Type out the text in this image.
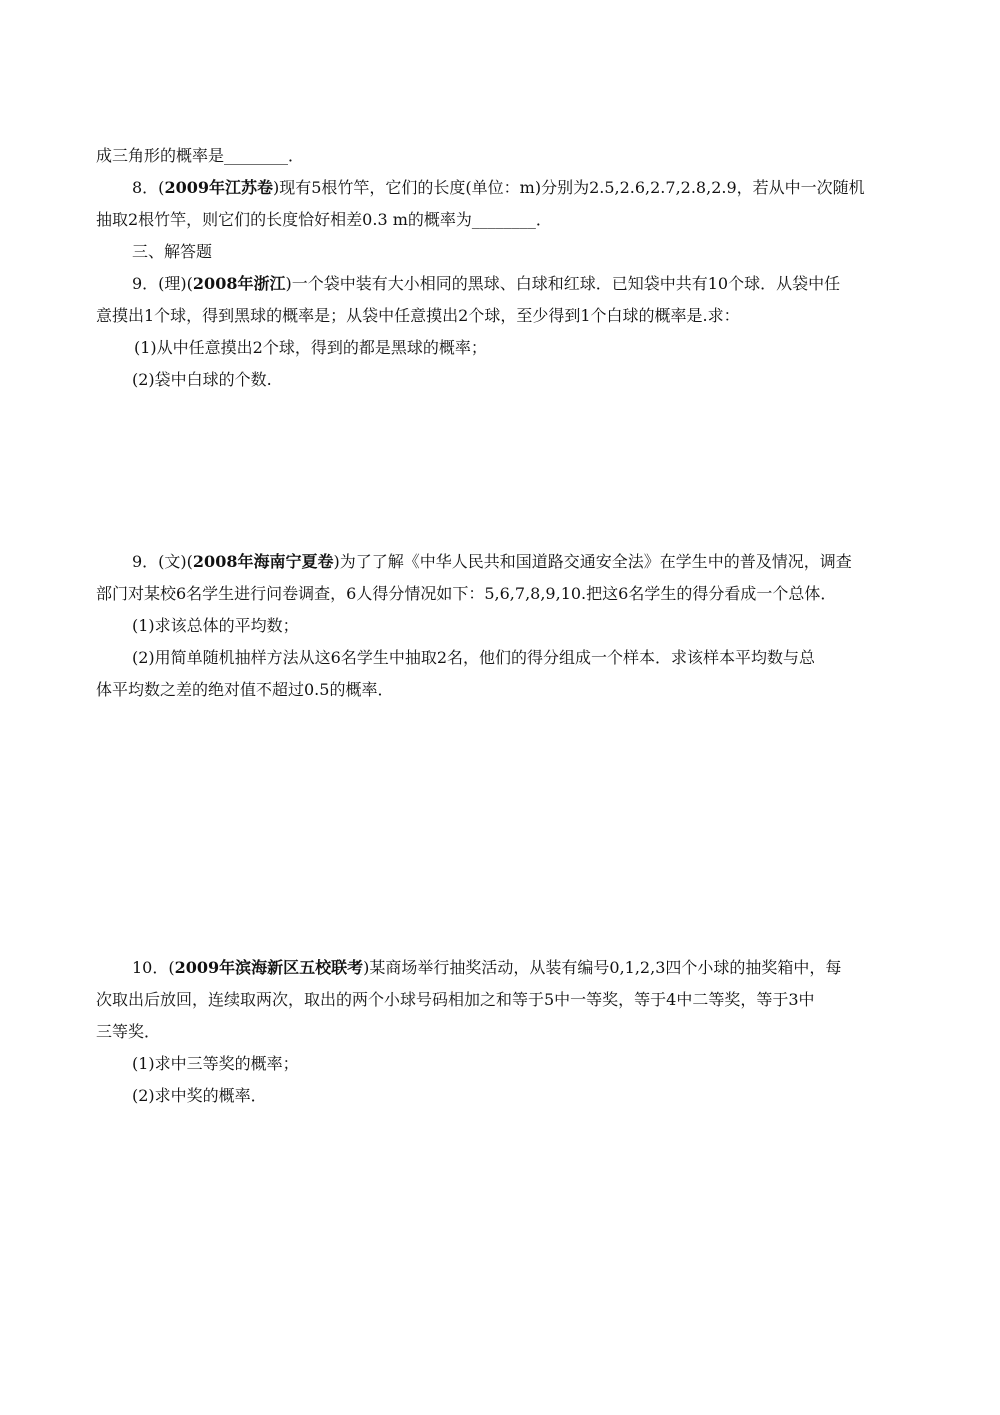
成三角形的概率是________．
8．(2009年江苏卷)现有5根竹竿，它们的长度(单位：m)分别为2.5,2.6,2.7,2.8,2.9，若从中一次随机
抽取2根竹竿，则它们的长度恰好相差0.3 m的概率为________．
三、解答题
9．(理)(2008年浙江)一个袋中装有大小相同的黑球、白球和红球．已知袋中共有10个球．从袋中任
意摸出1个球，得到黑球的概率是；从袋中任意摸出2个球，至少得到1个白球的概率是.求：
(1)从中任意摸出2个球，得到的都是黑球的概率；
(2)袋中白球的个数.
9．(文)(2008年海南宁夏卷)为了了解《中华人民共和国道路交通安全法》在学生中的普及情况，调查
部门对某校6名学生进行问卷调查，6人得分情况如下：5,6,7,8,9,10.把这6名学生的得分看成一个总体．
(1)求该总体的平均数；
(2)用简单随机抽样方法从这6名学生中抽取2名，他们的得分组成一个样本．求该样本平均数与总
体平均数之差的绝对值不超过0.5的概率．
10．(2009年滨海新区五校联考)某商场举行抽奖活动，从装有编号0,1,2,3四个小球的抽奖箱中，每
次取出后放回，连续取两次，取出的两个小球号码相加之和等于5中一等奖，等于4中二等奖，等于3中
三等奖．
(1)求中三等奖的概率；
(2)求中奖的概率．
